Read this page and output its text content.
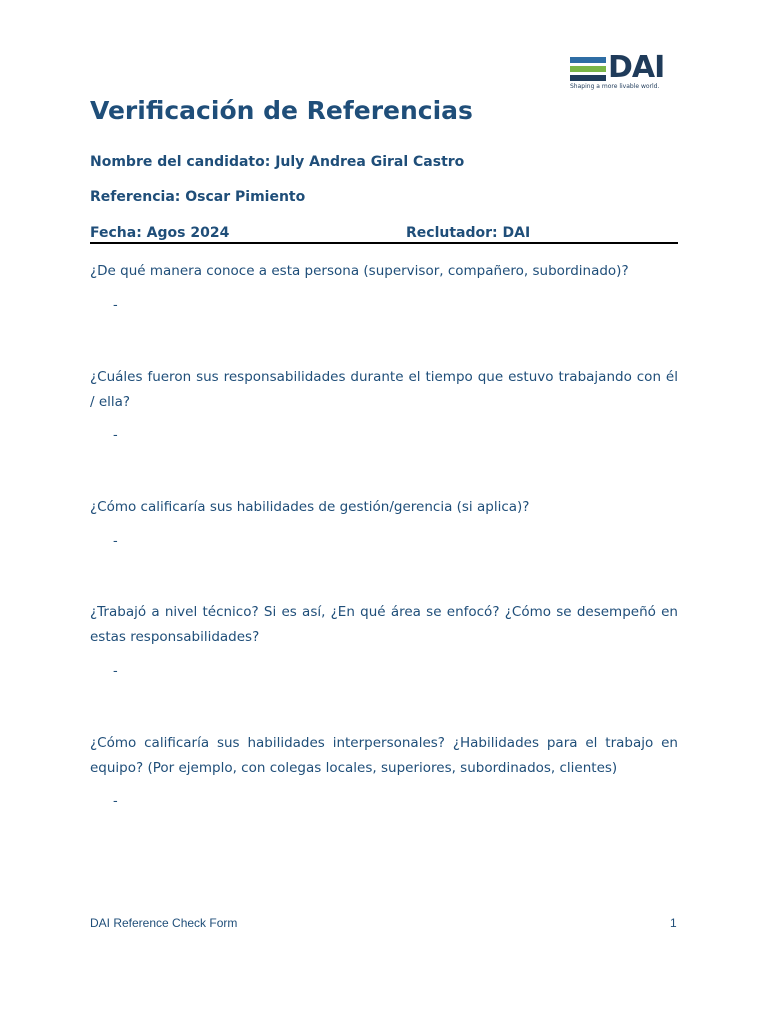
DAI
Shaping a more livable world.
Verificación de Referencias
Nombre del candidato: July Andrea Giral Castro
Referencia: Oscar Pimiento
Fecha: Agos 2024	Reclutador: DAI
¿De qué manera conoce a esta persona (supervisor, compañero, subordinado)?
-
¿Cuáles fueron sus responsabilidades durante el tiempo que estuvo trabajando con él / ella?
-
¿Cómo calificaría sus habilidades de gestión/gerencia (si aplica)?
-
¿Trabajó a nivel técnico? Si es así, ¿En qué área se enfocó? ¿Cómo se desempeñó en estas responsabilidades?
-
¿Cómo calificaría sus habilidades interpersonales? ¿Habilidades para el trabajo en equipo? (Por ejemplo, con colegas locales, superiores, subordinados, clientes)
-
DAI Reference Check Form	1
